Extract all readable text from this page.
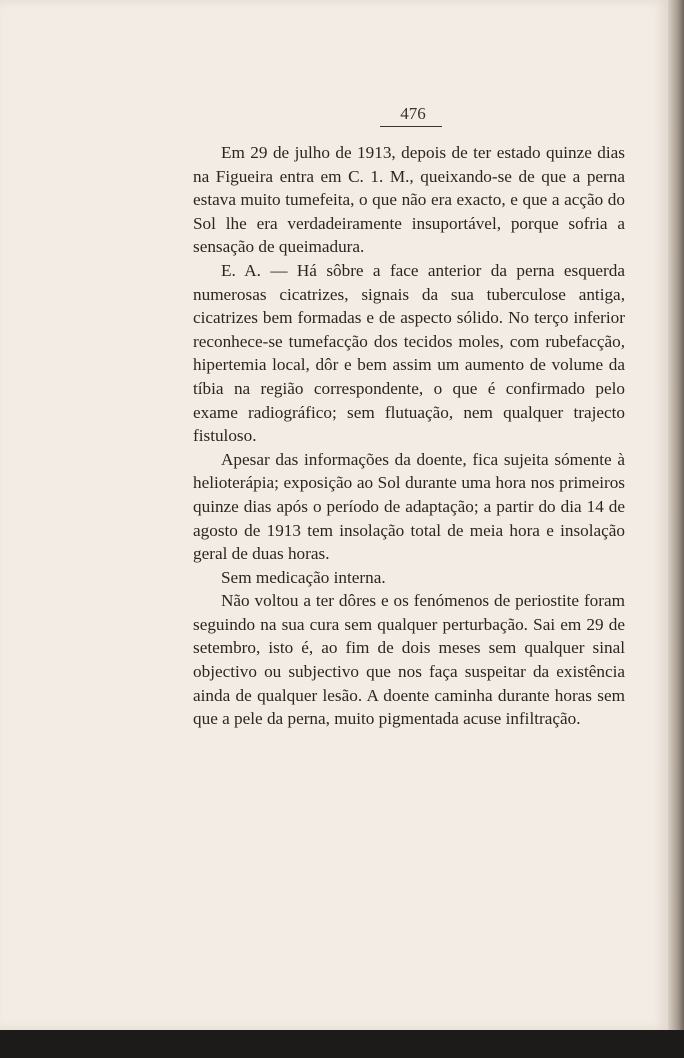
476

Em 29 de julho de 1913, depois de ter estado quinze dias na Figueira entra em C. 1. M., queixando-se de que a perna estava muito tumefeita, o que não era exacto, e que a acção do Sol lhe era verdadeiramente insuportável, porque sofria a sensação de queimadura.

E. A. — Há sôbre a face anterior da perna esquerda numerosas cicatrizes, signais da sua tuberculose antiga, cicatrizes bem formadas e de aspecto sólido. No terço inferior reconhece-se tumefacção dos tecidos moles, com rubefacção, hipertemia local, dôr e bem assim um aumento de volume da tíbia na região correspondente, o que é confirmado pelo exame radiográfico; sem flutuação, nem qualquer trajecto fistuloso.

Apesar das informações da doente, fica sujeita sómente à helioterápia; exposição ao Sol durante uma hora nos primeiros quinze dias após o período de adaptação; a partir do dia 14 de agosto de 1913 tem insolação total de meia hora e insolação geral de duas horas.

Sem medicação interna.

Não voltou a ter dôres e os fenómenos de periostite foram seguindo na sua cura sem qualquer perturbação. Sai em 29 de setembro, isto é, ao fim de dois meses sem qualquer sinal objectivo ou subjectivo que nos faça suspeitar da existência ainda de qualquer lesão. A doente caminha durante horas sem que a pele da perna, muito pigmentada acuse infiltração.
